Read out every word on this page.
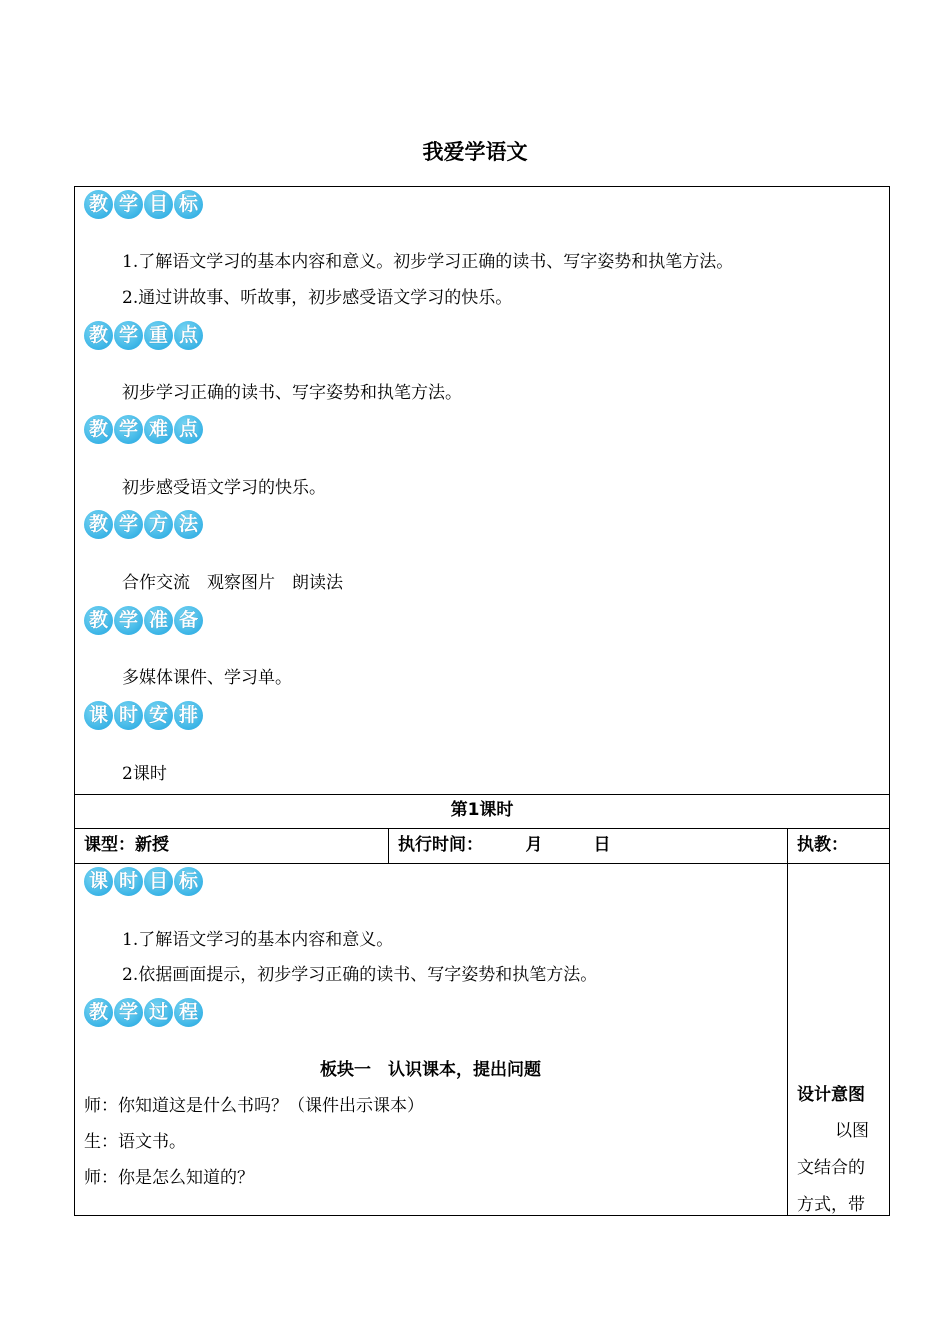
我爱学语文
教 学 目 标
1.了解语文学习的基本内容和意义。初步学习正确的读书、写字姿势和执笔方法。
2.通过讲故事、听故事，初步感受语文学习的快乐。
教 学 重 点
初步学习正确的读书、写字姿势和执笔方法。
教 学 难 点
初步感受语文学习的快乐。
教 学 方 法
合作交流　观察图片　朗读法
教 学 准 备
多媒体课件、学习单。
课 时 安 排
2课时
第1课时
课型：新授	执行时间：　　　月　　　日	执教：
课 时 目 标
1.了解语文学习的基本内容和意义。
2.依据画面提示，初步学习正确的读书、写字姿势和执笔方法。
教 学 过 程
板块一　认识课本，提出问题
师：你知道这是什么书吗？（课件出示课本）
生：语文书。
师：你是怎么知道的？
设计意图
以图
文结合的
方式，带
